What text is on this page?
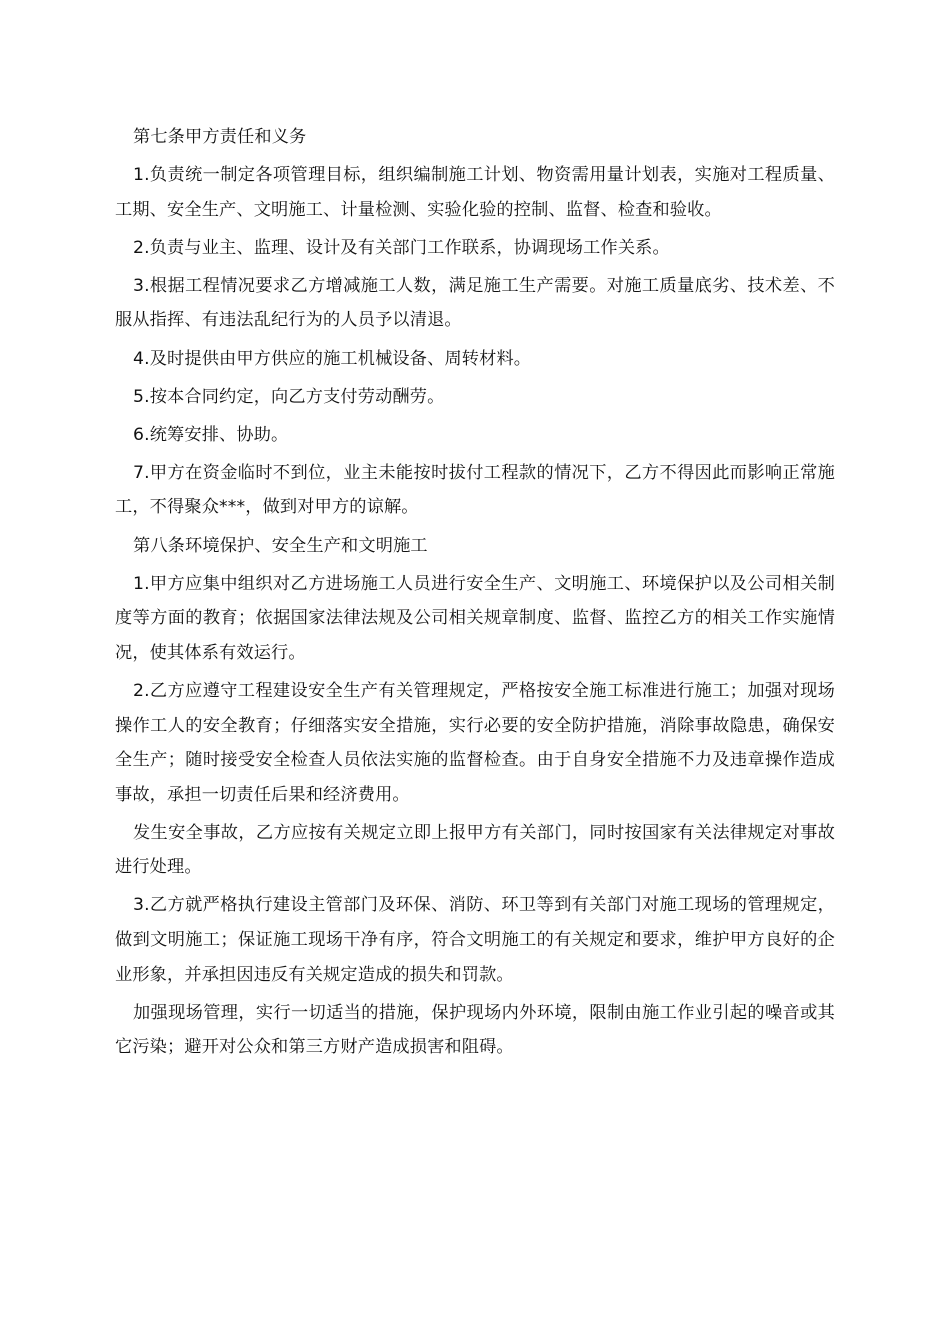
第七条甲方责任和义务

1.负责统一制定各项管理目标，组织编制施工计划、物资需用量计划表，实施对工程质量、工期、安全生产、文明施工、计量检测、实验化验的控制、监督、检查和验收。

2.负责与业主、监理、设计及有关部门工作联系，协调现场工作关系。

3.根据工程情况要求乙方增减施工人数，满足施工生产需要。对施工质量底劣、技术差、不服从指挥、有违法乱纪行为的人员予以清退。

4.及时提供由甲方供应的施工机械设备、周转材料。

5.按本合同约定，向乙方支付劳动酬劳。

6.统筹安排、协助。

7.甲方在资金临时不到位，业主未能按时拔付工程款的情况下，乙方不得因此而影响正常施工，不得聚众***，做到对甲方的谅解。

第八条环境保护、安全生产和文明施工

1.甲方应集中组织对乙方进场施工人员进行安全生产、文明施工、环境保护以及公司相关制度等方面的教育；依据国家法律法规及公司相关规章制度、监督、监控乙方的相关工作实施情况，使其体系有效运行。

2.乙方应遵守工程建设安全生产有关管理规定，严格按安全施工标准进行施工；加强对现场操作工人的安全教育；仔细落实安全措施，实行必要的安全防护措施，消除事故隐患，确保安全生产；随时接受安全检查人员依法实施的监督检查。由于自身安全措施不力及违章操作造成事故，承担一切责任后果和经济费用。

发生安全事故，乙方应按有关规定立即上报甲方有关部门，同时按国家有关法律规定对事故进行处理。

3.乙方就严格执行建设主管部门及环保、消防、环卫等到有关部门对施工现场的管理规定，做到文明施工；保证施工现场干净有序，符合文明施工的有关规定和要求，维护甲方良好的企业形象，并承担因违反有关规定造成的损失和罚款。

加强现场管理，实行一切适当的措施，保护现场内外环境，限制由施工作业引起的噪音或其它污染；避开对公众和第三方财产造成损害和阻碍。
